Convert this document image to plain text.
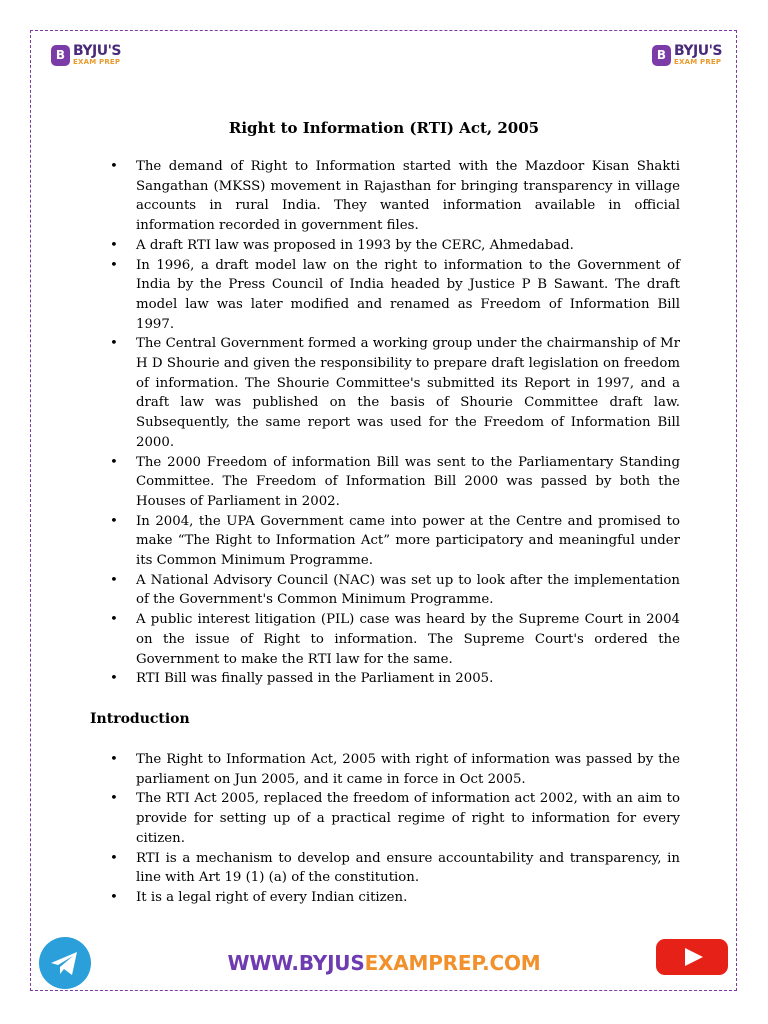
B BYJU'S
EXAM PREP	B BYJU'S
EXAM PREP
Right to Information (RTI) Act, 2005
• The demand of Right to Information started with the Mazdoor Kisan Shakti Sangathan (MKSS) movement in Rajasthan for bringing transparency in village accounts in rural India. They wanted information available in official information recorded in government files.
• A draft RTI law was proposed in 1993 by the CERC, Ahmedabad.
• In 1996, a draft model law on the right to information to the Government of India by the Press Council of India headed by Justice P B Sawant. The draft model law was later modified and renamed as Freedom of Information Bill 1997.
• The Central Government formed a working group under the chairmanship of Mr H D Shourie and given the responsibility to prepare draft legislation on freedom of information. The Shourie Committee's submitted its Report in 1997, and a draft law was published on the basis of Shourie Committee draft law. Subsequently, the same report was used for the Freedom of Information Bill 2000.
• The 2000 Freedom of information Bill was sent to the Parliamentary Standing Committee. The Freedom of Information Bill 2000 was passed by both the Houses of Parliament in 2002.
• In 2004, the UPA Government came into power at the Centre and promised to make “The Right to Information Act” more participatory and meaningful under its Common Minimum Programme.
• A National Advisory Council (NAC) was set up to look after the implementation of the Government's Common Minimum Programme.
• A public interest litigation (PIL) case was heard by the Supreme Court in 2004 on the issue of Right to information. The Supreme Court's ordered the Government to make the RTI law for the same.
• RTI Bill was finally passed in the Parliament in 2005.
Introduction
• The Right to Information Act, 2005 with right of information was passed by the parliament on Jun 2005, and it came in force in Oct 2005.
• The RTI Act 2005, replaced the freedom of information act 2002, with an aim to provide for setting up of a practical regime of right to information for every citizen.
• RTI is a mechanism to develop and ensure accountability and transparency, in line with Art 19 (1) (a) of the constitution.
• It is a legal right of every Indian citizen.
WWW.BYJUSEXAMPREP.COM
